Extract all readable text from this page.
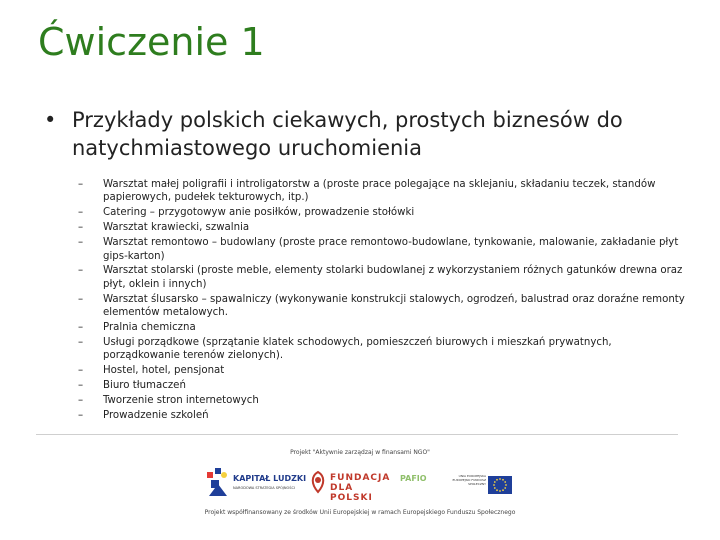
Ćwiczenie 1
• Przykłady polskich ciekawych, prostych biznesów do natychmiastowego uruchomienia
– Warsztat małej poligrafii i introligatorstw a (proste prace polegające na sklejaniu, składaniu teczek, standów papierowych, pudełek tekturowych, itp.)
– Catering – przygotowyw anie posiłków, prowadzenie stołówki
– Warsztat krawiecki, szwalnia
– Warsztat remontowo – budowlany (proste prace remontowo-budowlane, tynkowanie, malowanie, zakładanie płyt gips-karton)
– Warsztat stolarski (proste meble, elementy stolarki budowlanej z wykorzystaniem różnych gatunków drewna oraz płyt, oklein i innych)
– Warsztat ślusarsko – spawalniczy (wykonywanie konstrukcji stalowych, ogrodzeń, balustrad oraz doraźne remonty elementów metalowych.
– Pralnia chemiczna
– Usługi porządkowe (sprzątanie klatek schodowych, pomieszczeń biurowych i mieszkań prywatnych, porządkowanie terenów zielonych).
– Hostel, hotel, pensjonat
– Biuro tłumaczeń
– Tworzenie stron internetowych
– Prowadzenie szkoleń
Projekt "Aktywnie zarządzaj w finansami NGO"
KAPITAŁ LUDZKI
NARODOWA STRATEGIA SPÓJNOŚCI
FUNDACJA DLA POLSKI
PAFIO	UNIA EUROPEJSKA EUROPEJSKI FUNDUSZ SPOŁECZNY
Projekt współfinansowany ze środków Unii Europejskiej w ramach Europejskiego Funduszu Społecznego
